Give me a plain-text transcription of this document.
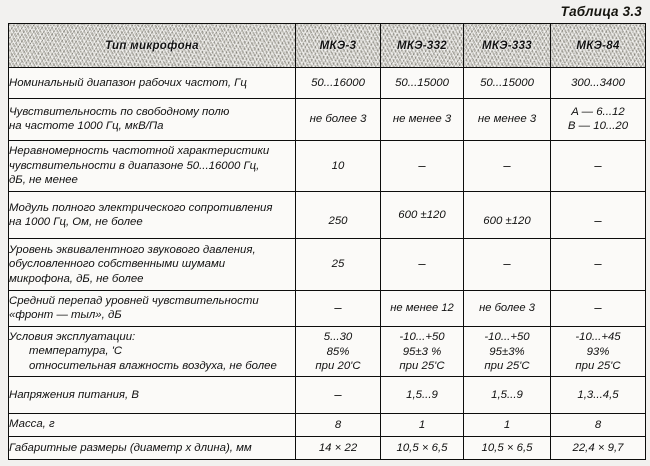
Таблица 3.3
Тип микрофона	МКЭ-3	МКЭ-332	МКЭ-333	МКЭ-84

Номинальный диапазон рабочих частот, Гц	50...16000	50...15000	50...15000	300...3400

Чувствительность по свободному полю
на частоте 1000 Гц, мкВ/Па	не более 3	не менее 3	не менее 3	A — 6...12
B — 10...20

Неравномерность частотной характеристики
чувствительности в диапазоне 50...16000 Гц,
дБ, не менее	10	–	–	–

Модуль полного электрического сопротивления
на 1000 Гц, Ом, не более	250	600 ±120	600 ±120	–

Уровень эквивалентного звукового давления,
обусловленного собственными шумами
микрофона, дБ, не более	25	–	–	–

Средний перепад уровней чувствительности
«фронт — тыл», дБ	–	не менее 12	не более 3	–

Условия эксплуатации:
температура, 'С
относительная влажность воздуха, не более	5...30
85%
при 20'С	-10...+50
95±3 %
при 25'С	-10...+50
95±3%
при 25'С	-10...+45
93%
при 25'С

Напряжения питания, В	–	1,5...9	1,5...9	1,3...4,5

Масса, г	8	1	1	8

Габаритные размеры (диаметр x длина), мм	14 × 22	10,5 × 6,5	10,5 × 6,5	22,4 × 9,7
